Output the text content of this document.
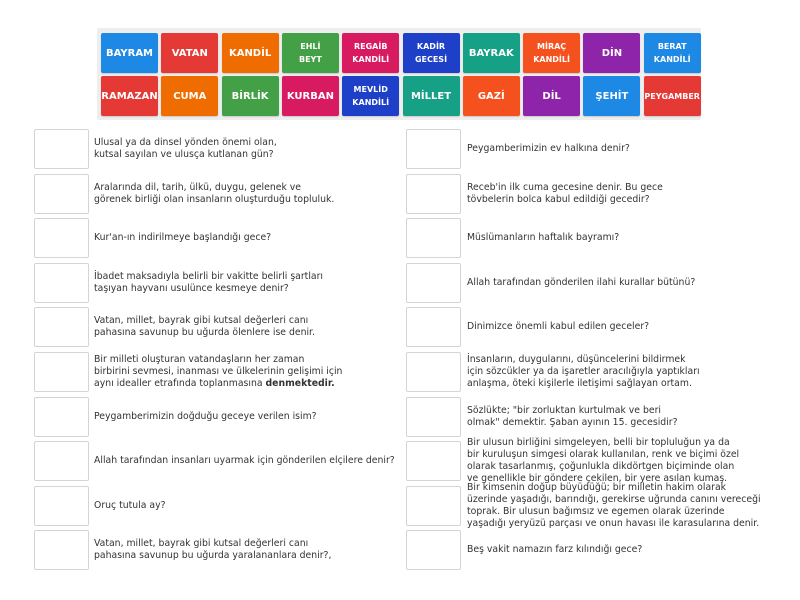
BAYRAM	VATAN	KANDİL
EHLİ
BEYT
REGAİB
KANDİLİ
KADİR
GECESİ
BAYRAK
MİRAÇ
KANDİLİ
DİN
BERAT
KANDİLİ
RAMAZAN	CUMA	BİRLİK	KURBAN
MEVLİD
KANDİLİ
MİLLET	GAZİ	DİL	ŞEHİT	PEYGAMBER
Ulusal ya da dinsel yönden önemi olan,
kutsal sayılan ve ulusça kutlanan gün?
Aralarında dil, tarih, ülkü, duygu, gelenek ve
görenek birliği olan insanların oluşturduğu topluluk.
Kur'an-ın indirilmeye başlandığı gece?
İbadet maksadıyla belirli bir vakitte belirli şartları
taşıyan hayvanı usulünce kesmeye denir?
Vatan, millet, bayrak gibi kutsal değerleri canı
pahasına savunup bu uğurda ölenlere ise denir.
Bir milleti oluşturan vatandaşların her zaman
birbirini sevmesi, inanması ve ülkelerinin gelişimi için
aynı idealler etrafında toplanmasına denmektedir.
Peygamberimizin doğduğu geceye verilen isim?
Allah tarafından insanları uyarmak için gönderilen elçilere denir?
Oruç tutula ay?
Vatan, millet, bayrak gibi kutsal değerleri canı
pahasına savunup bu uğurda yaralananlara denir?,
Peygamberimizin ev halkına denir?
Receb'in ilk cuma gecesine denir. Bu gece
tövbelerin bolca kabul edildiği gecedir?
Müslümanların haftalık bayramı?
Allah tarafından gönderilen ilahi kurallar bütünü?
Dinimizce önemli kabul edilen geceler?
İnsanların, duygularını, düşüncelerini bildirmek
için sözcükler ya da işaretler aracılığıyla yaptıkları
anlaşma, öteki kişilerle iletişimi sağlayan ortam.
Sözlükte; "bir zorluktan kurtulmak ve beri
olmak" demektir. Şaban ayının 15. gecesidir?
Bir ulusun birliğini simgeleyen, belli bir topluluğun ya da
bir kuruluşun simgesi olarak kullanılan, renk ve biçimi özel
olarak tasarlanmış, çoğunlukla dikdörtgen biçiminde olan
ve genellikle bir gönderе çekilen, bir yere asılan kumaş.
Bir kimsenin doğup büyüdüğü; bir milletin hakim olarak
üzerinde yaşadığı, barındığı, gerekirse uğrunda canını vereceği
toprak. Bir ulusun bağımsız ve egemen olarak üzerinde
yaşadığı yeryüzü parçası ve onun havası ile karasularına denir.
Beş vakit namazın farz kılındığı gece?
